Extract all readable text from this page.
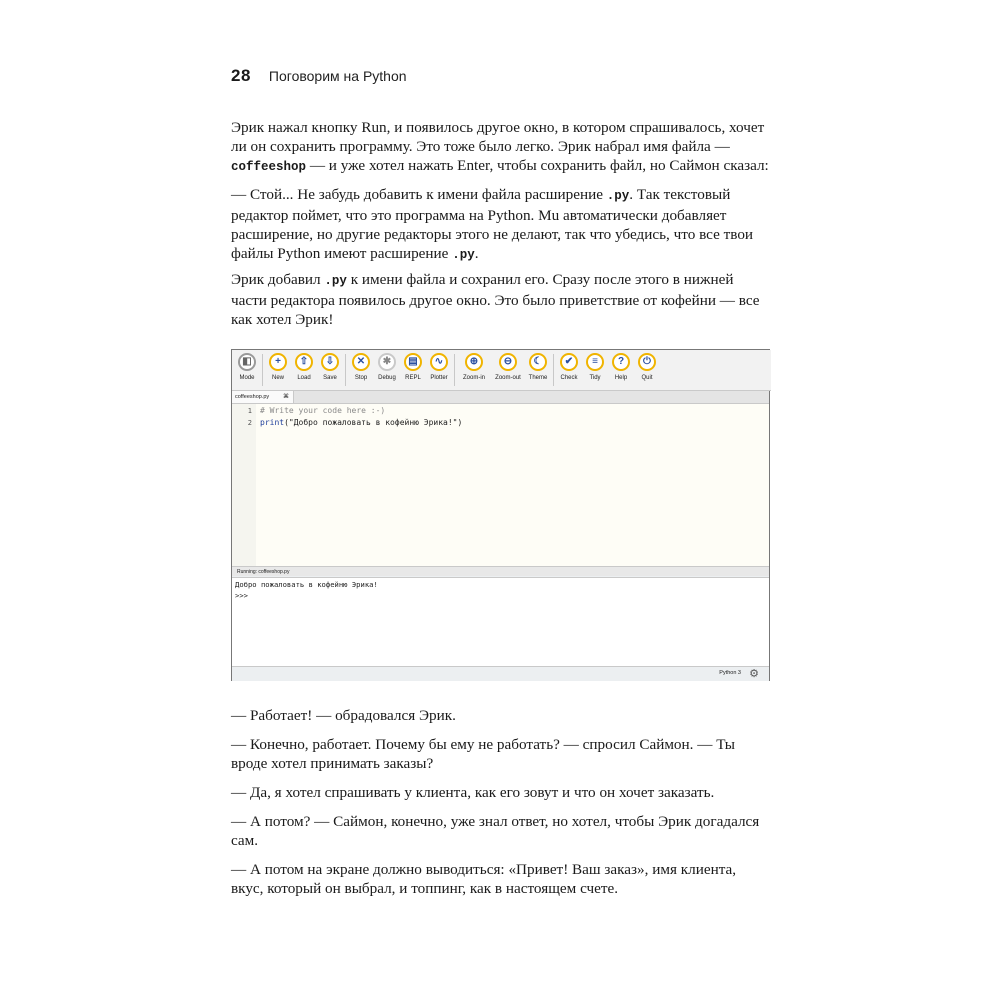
28 Поговорим на Python

Эрик нажал кнопку Run, и появилось другое окно, в котором спрашивалось, хочет ли он сохранить программу. Это тоже было легко. Эрик набрал имя файла — coffeeshop — и уже хотел нажать Enter, чтобы сохранить файл, но Саймон сказал:

— Стой... Не забудь добавить к имени файла расширение .py. Так текстовый редактор поймет, что это программа на Python. Mu автоматически добавляет расширение, но другие редакторы этого не делают, так что убедись, что все твои файлы Python имеют расширение .py.

Эрик добавил .py к имени файла и сохранил его. Сразу после этого в нижней части редактора появилось другое окно. Это было приветствие от кофейни — все как хотел Эрик!

◧
Mode
+
New
⇧
Load
⇩
Save
✕
Stop
✱
Debug
▤
REPL
∿
Plotter
⊕
Zoom-in
⊖
Zoom-out
☾
Theme
✔
Check
≡
Tidy
?
Help
⏻
Quit
coffeeshop.py ⌘
1 # Write your code here :-)
2 print("Добро пожаловать в кофейню Эрика!")
Running: coffeeshop.py
Добро пожаловать в кофейню Эрика!
>>>
Python 3 ⚙

— Работает! — обрадовался Эрик.

— Конечно, работает. Почему бы ему не работать? — спросил Саймон. — Ты вроде хотел принимать заказы?

— Да, я хотел спрашивать у клиента, как его зовут и что он хочет заказать.

— А потом? — Саймон, конечно, уже знал ответ, но хотел, чтобы Эрик догадался сам.

— А потом на экране должно выводиться: «Привет! Ваш заказ», имя клиента, вкус, который он выбрал, и топпинг, как в настоящем счете.
